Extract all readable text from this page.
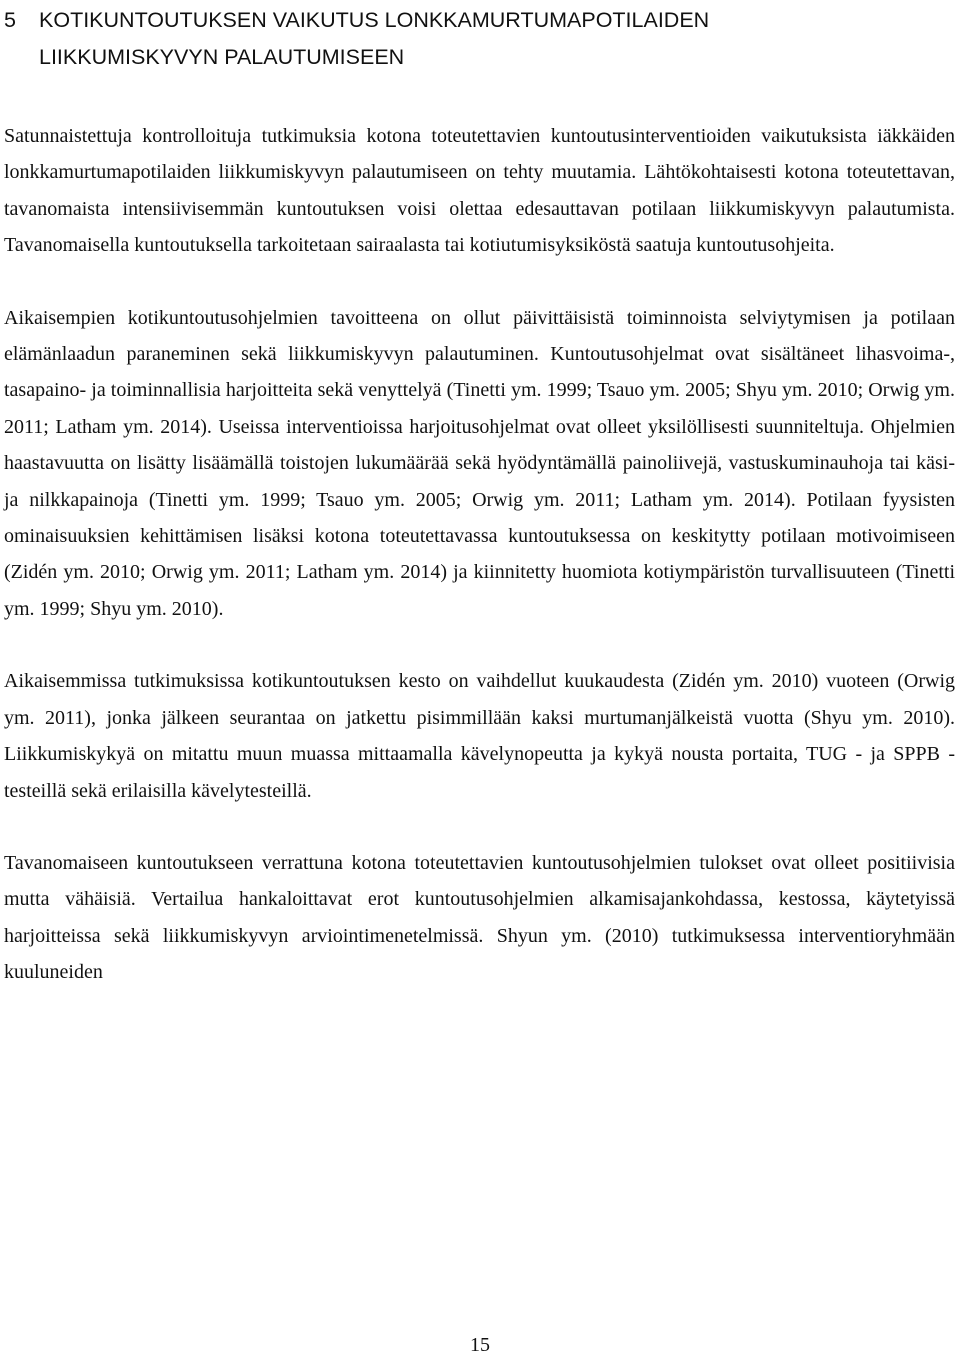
5 KOTIKUNTOUTUKSEN VAIKUTUS LONKKAMURTUMAPOTILAIDEN
LIIKKUMISKYVYN PALAUTUMISEEN

Satunnaistettuja kontrolloituja tutkimuksia kotona toteutettavien kuntoutusinterventioiden vaikutuksista iäkkäiden lonkkamurtumapotilaiden liikkumiskyvyn palautumiseen on tehty muutamia. Lähtökohtaisesti kotona toteutettavan, tavanomaista intensiivisemmän kuntoutuksen voisi olettaa edesauttavan potilaan liikkumiskyvyn palautumista. Tavanomaisella kuntoutuksella tarkoitetaan sairaalasta tai kotiutumisyksiköstä saatuja kuntoutusohjeita.

Aikaisempien kotikuntoutusohjelmien tavoitteena on ollut päivittäisistä toiminnoista selviytymisen ja potilaan elämänlaadun paraneminen sekä liikkumiskyvyn palautuminen. Kuntoutusohjelmat ovat sisältäneet lihasvoima-, tasapaino- ja toiminnallisia harjoitteita sekä venyttelyä (Tinetti ym. 1999; Tsauo ym. 2005; Shyu ym. 2010; Orwig ym. 2011; Latham ym. 2014). Useissa interventioissa harjoitusohjelmat ovat olleet yksilöllisesti suunniteltuja. Ohjelmien haastavuutta on lisätty lisäämällä toistojen lukumäärää sekä hyödyntämällä painoliivejä, vastuskuminauhoja tai käsi- ja nilkkapainoja (Tinetti ym. 1999; Tsauo ym. 2005; Orwig ym. 2011; Latham ym. 2014). Potilaan fyysisten ominaisuuksien kehittämisen lisäksi kotona toteutettavassa kuntoutuksessa on keskitytty potilaan motivoimiseen (Zidén ym. 2010; Orwig ym. 2011; Latham ym. 2014) ja kiinnitetty huomiota kotiympäristön turvallisuuteen (Tinetti ym. 1999; Shyu ym. 2010).

Aikaisemmissa tutkimuksissa kotikuntoutuksen kesto on vaihdellut kuukaudesta (Zidén ym. 2010) vuoteen (Orwig ym. 2011), jonka jälkeen seurantaa on jatkettu pisimmillään kaksi murtumanjälkeistä vuotta (Shyu ym. 2010). Liikkumiskykyä on mitattu muun muassa mittaamalla kävelynopeutta ja kykyä nousta portaita, TUG - ja SPPB -testeillä sekä erilaisilla kävelytesteillä.

Tavanomaiseen kuntoutukseen verrattuna kotona toteutettavien kuntoutusohjelmien tulokset ovat olleet positiivisia mutta vähäisiä. Vertailua hankaloittavat erot kuntoutusohjelmien alkamisajankohdassa, kestossa, käytetyissä harjoitteissa sekä liikkumiskyvyn arviointimenetelmissä. Shyun ym. (2010) tutkimuksessa interventioryhmään kuuluneiden

15
